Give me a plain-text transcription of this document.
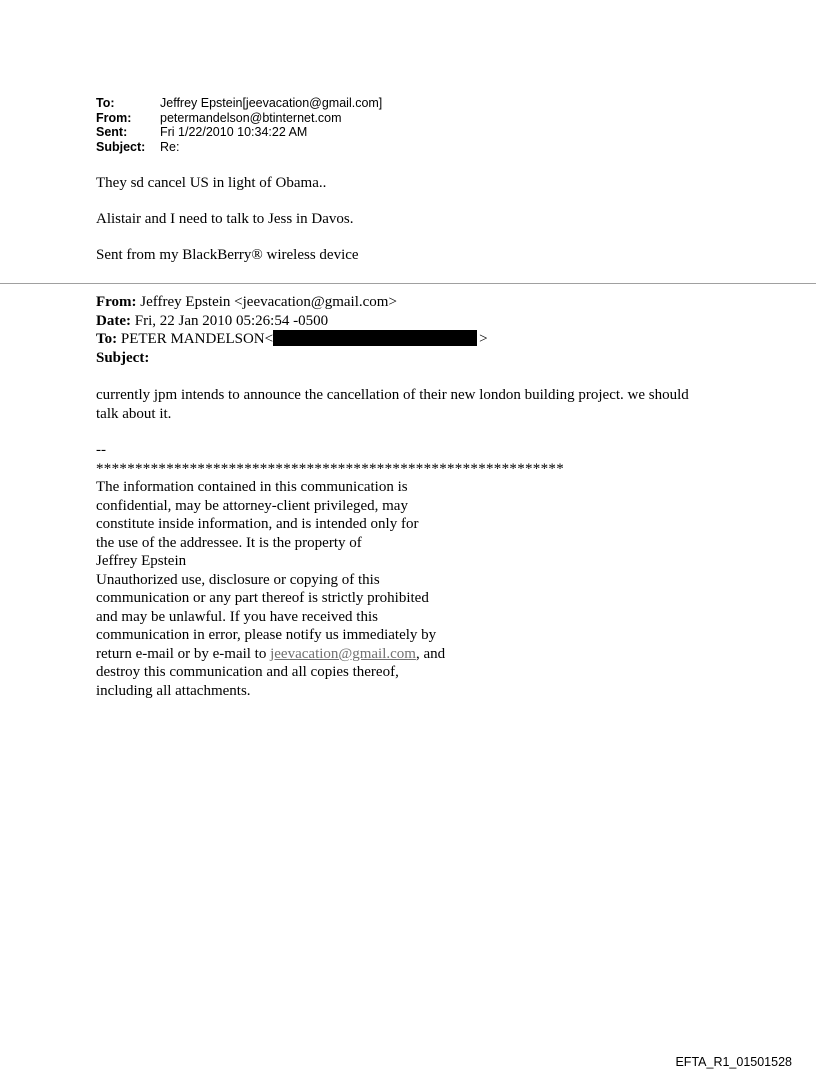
To:	Jeffrey Epstein[jeevacation@gmail.com]
From:	petermandelson@btinternet.com
Sent:	Fri 1/22/2010 10:34:22 AM
Subject:	Re:

They sd cancel US in light of Obama..

Alistair and I need to talk to Jess in Davos.

Sent from my BlackBerry® wireless device

From: Jeffrey Epstein <jeevacation@gmail.com>
Date: Fri, 22 Jan 2010 05:26:54 -0500
To: PETER MANDELSON<	>
Subject:
currently jpm intends to announce the cancellation of their new london building project. we should talk about it.
--
************************************************************
The information contained in this communication is
confidential, may be attorney-client privileged, may
constitute inside information, and is intended only for
the use of the addressee. It is the property of
Jeffrey Epstein
Unauthorized use, disclosure or copying of this
communication or any part thereof is strictly prohibited
and may be unlawful. If you have received this
communication in error, please notify us immediately by
return e-mail or by e-mail to jeevacation@gmail.com, and
destroy this communication and all copies thereof,
including all attachments.
EFTA_R1_01501528
